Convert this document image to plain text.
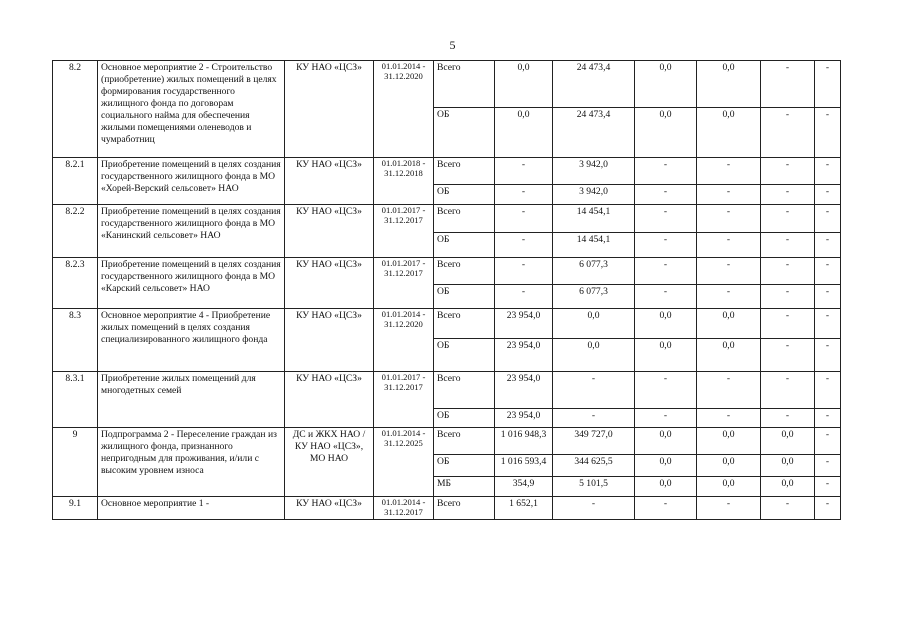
5
8.2	Основное мероприятие 2 - Строительство (приобретение) жилых помещений в целях формирования государственного жилищного фонда по договорам социального найма для обеспечения жилыми помещениями оленеводов и чумработниц	КУ НАО «ЦСЗ»	01.01.2014 - 31.12.2020	Всего	0,0	24 473,4	0,0	0,0	-	-
				ОБ	0,0	24 473,4	0,0	0,0	-	-
8.2.1	Приобретение помещений в целях создания государственного жилищного фонда в МО «Хорей-Верский сельсовет» НАО	КУ НАО «ЦСЗ»	01.01.2018 - 31.12.2018	Всего	-	3 942,0	-	-	-	-
				ОБ	-	3 942,0	-	-	-	-
8.2.2	Приобретение помещений в целях создания государственного жилищного фонда в МО «Канинский сельсовет» НАО	КУ НАО «ЦСЗ»	01.01.2017 - 31.12.2017	Всего	-	14 454,1	-	-	-	-
				ОБ	-	14 454,1	-	-	-	-
8.2.3	Приобретение помещений в целях создания государственного жилищного фонда в МО «Карский сельсовет» НАО	КУ НАО «ЦСЗ»	01.01.2017 - 31.12.2017	Всего	-	6 077,3	-	-	-	-
				ОБ	-	6 077,3	-	-	-	-
8.3	Основное мероприятие 4 - Приобретение жилых помещений в целях создания специализированного жилищного фонда	КУ НАО «ЦСЗ»	01.01.2014 - 31.12.2020	Всего	23 954,0	0,0	0,0	0,0	-	-
				ОБ	23 954,0	0,0	0,0	0,0	-	-
8.3.1	Приобретение жилых помещений для многодетных семей	КУ НАО «ЦСЗ»	01.01.2017 - 31.12.2017	Всего	23 954,0	-	-	-	-	-
				ОБ	23 954,0	-	-	-	-	-
9	Подпрограмма 2 - Переселение граждан из жилищного фонда, признанного непригодным для проживания, и/или с высоким уровнем износа	ДС и ЖКХ НАО / КУ НАО «ЦСЗ», МО НАО	01.01.2014 - 31.12.2025	Всего	1 016 948,3	349 727,0	0,0	0,0	0,0	-
				ОБ	1 016 593,4	344 625,5	0,0	0,0	0,0	-
				МБ	354,9	5 101,5	0,0	0,0	0,0	-
9.1	Основное мероприятие 1 -	КУ НАО «ЦСЗ»	01.01.2014 - 31.12.2017	Всего	1 652,1	-	-	-	-	-
